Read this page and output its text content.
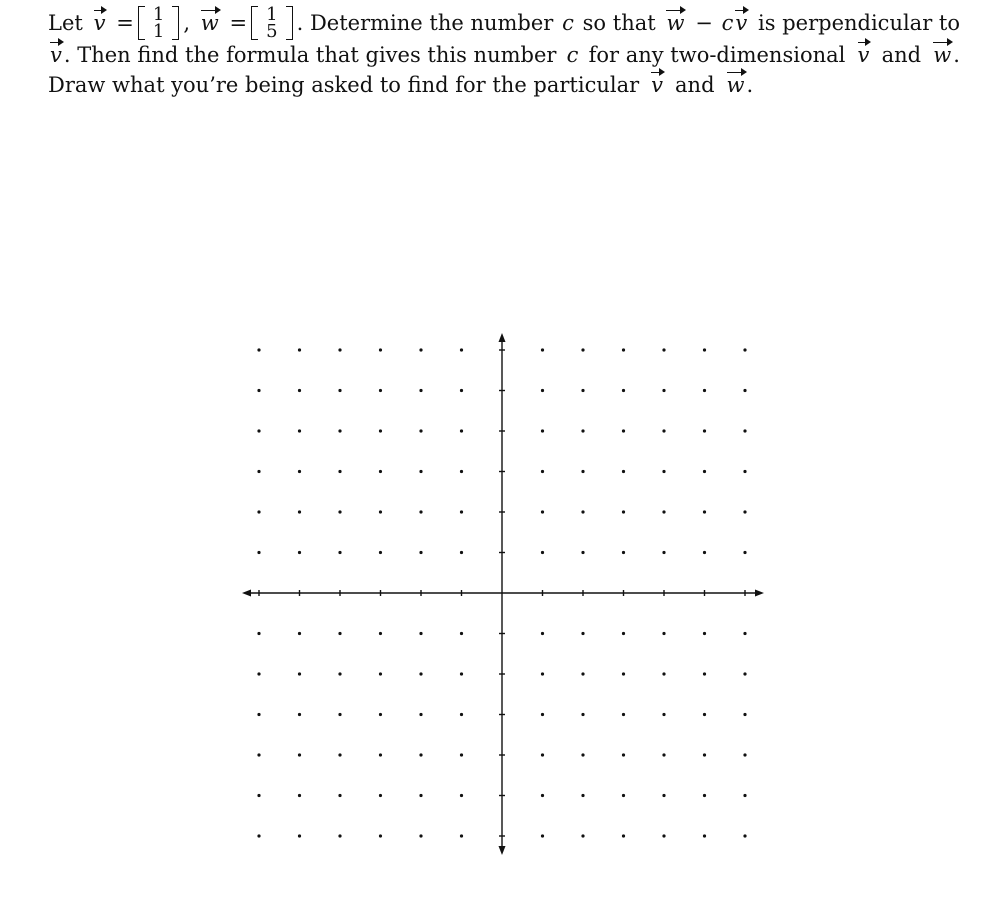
Let v = 1
1 , w = 1
5 . Determine the number c so that w − c v is perpendicular to
v. Then find the formula that gives this number c for any two-dimensional v and w.
Draw what you’re being asked to find for the particular v and w .
